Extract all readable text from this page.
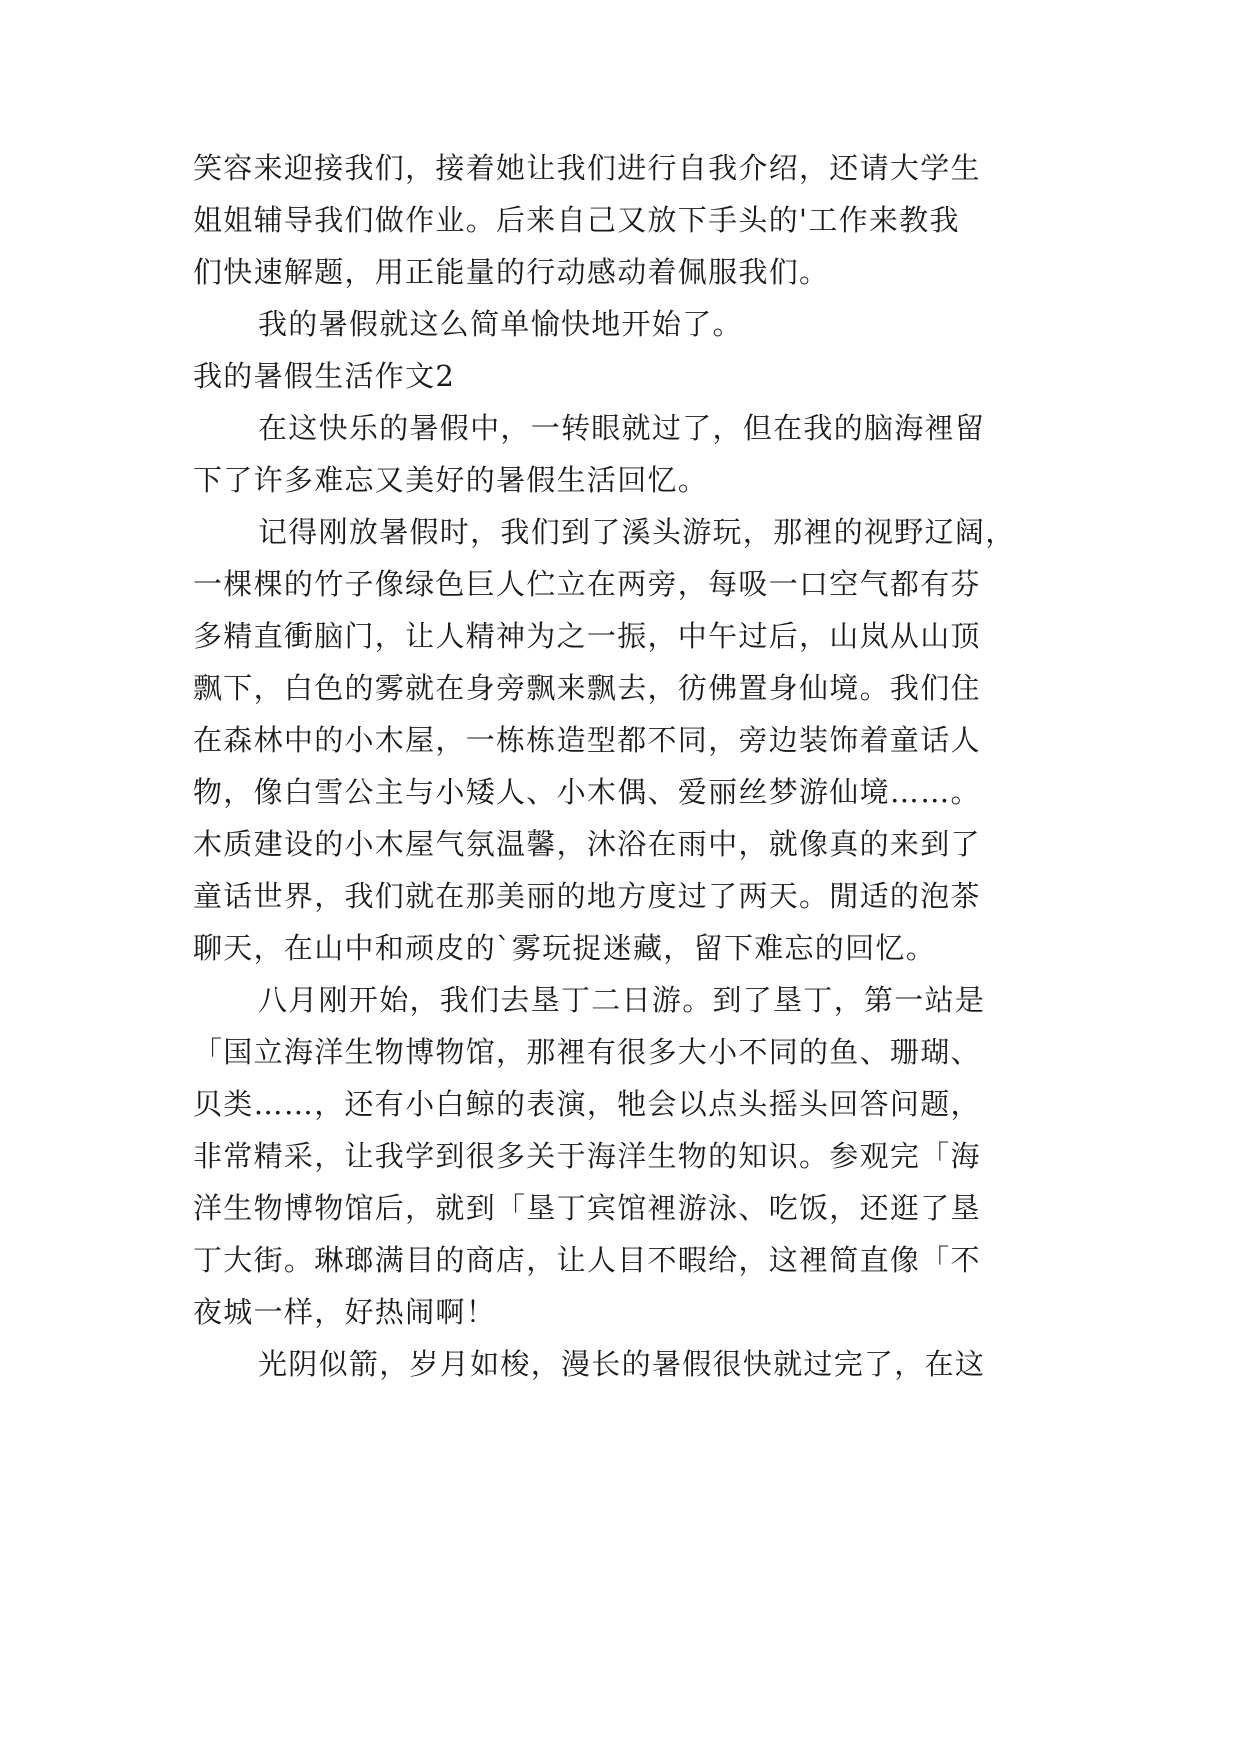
笑容来迎接我们，接着她让我们进行自我介绍，还请大学生
姐姐辅导我们做作业。后来自己又放下手头的'工作来教我
们快速解题，用正能量的行动感动着佩服我们。
我的暑假就这么简单愉快地开始了。
我的暑假生活作文2
在这快乐的暑假中，一转眼就过了，但在我的脑海裡留
下了许多难忘又美好的暑假生活回忆。
记得刚放暑假时，我们到了溪头游玩，那裡的视野辽阔，
一棵棵的竹子像绿色巨人伫立在两旁，每吸一口空气都有芬
多精直衝脑门，让人精神为之一振，中午过后，山岚从山顶
飘下，白色的雾就在身旁飘来飘去，彷佛置身仙境。我们住
在森林中的小木屋，一栋栋造型都不同，旁边装饰着童话人
物，像白雪公主与小矮人、小木偶、爱丽丝梦游仙境……。
木质建设的小木屋气氛温馨，沐浴在雨中，就像真的来到了
童话世界，我们就在那美丽的地方度过了两天。閒适的泡茶
聊天，在山中和顽皮的`雾玩捉迷藏，留下难忘的回忆。
八月刚开始，我们去垦丁二日游。到了垦丁，第一站是
「国立海洋生物博物馆，那裡有很多大小不同的鱼、珊瑚、
贝类……，还有小白鲸的表演，牠会以点头摇头回答问题，
非常精采，让我学到很多关于海洋生物的知识。参观完「海
洋生物博物馆后，就到「垦丁宾馆裡游泳、吃饭，还逛了垦
丁大街。琳瑯满目的商店，让人目不暇给，这裡简直像「不
夜城一样，好热闹啊！
光阴似箭，岁月如梭，漫长的暑假很快就过完了，在这
